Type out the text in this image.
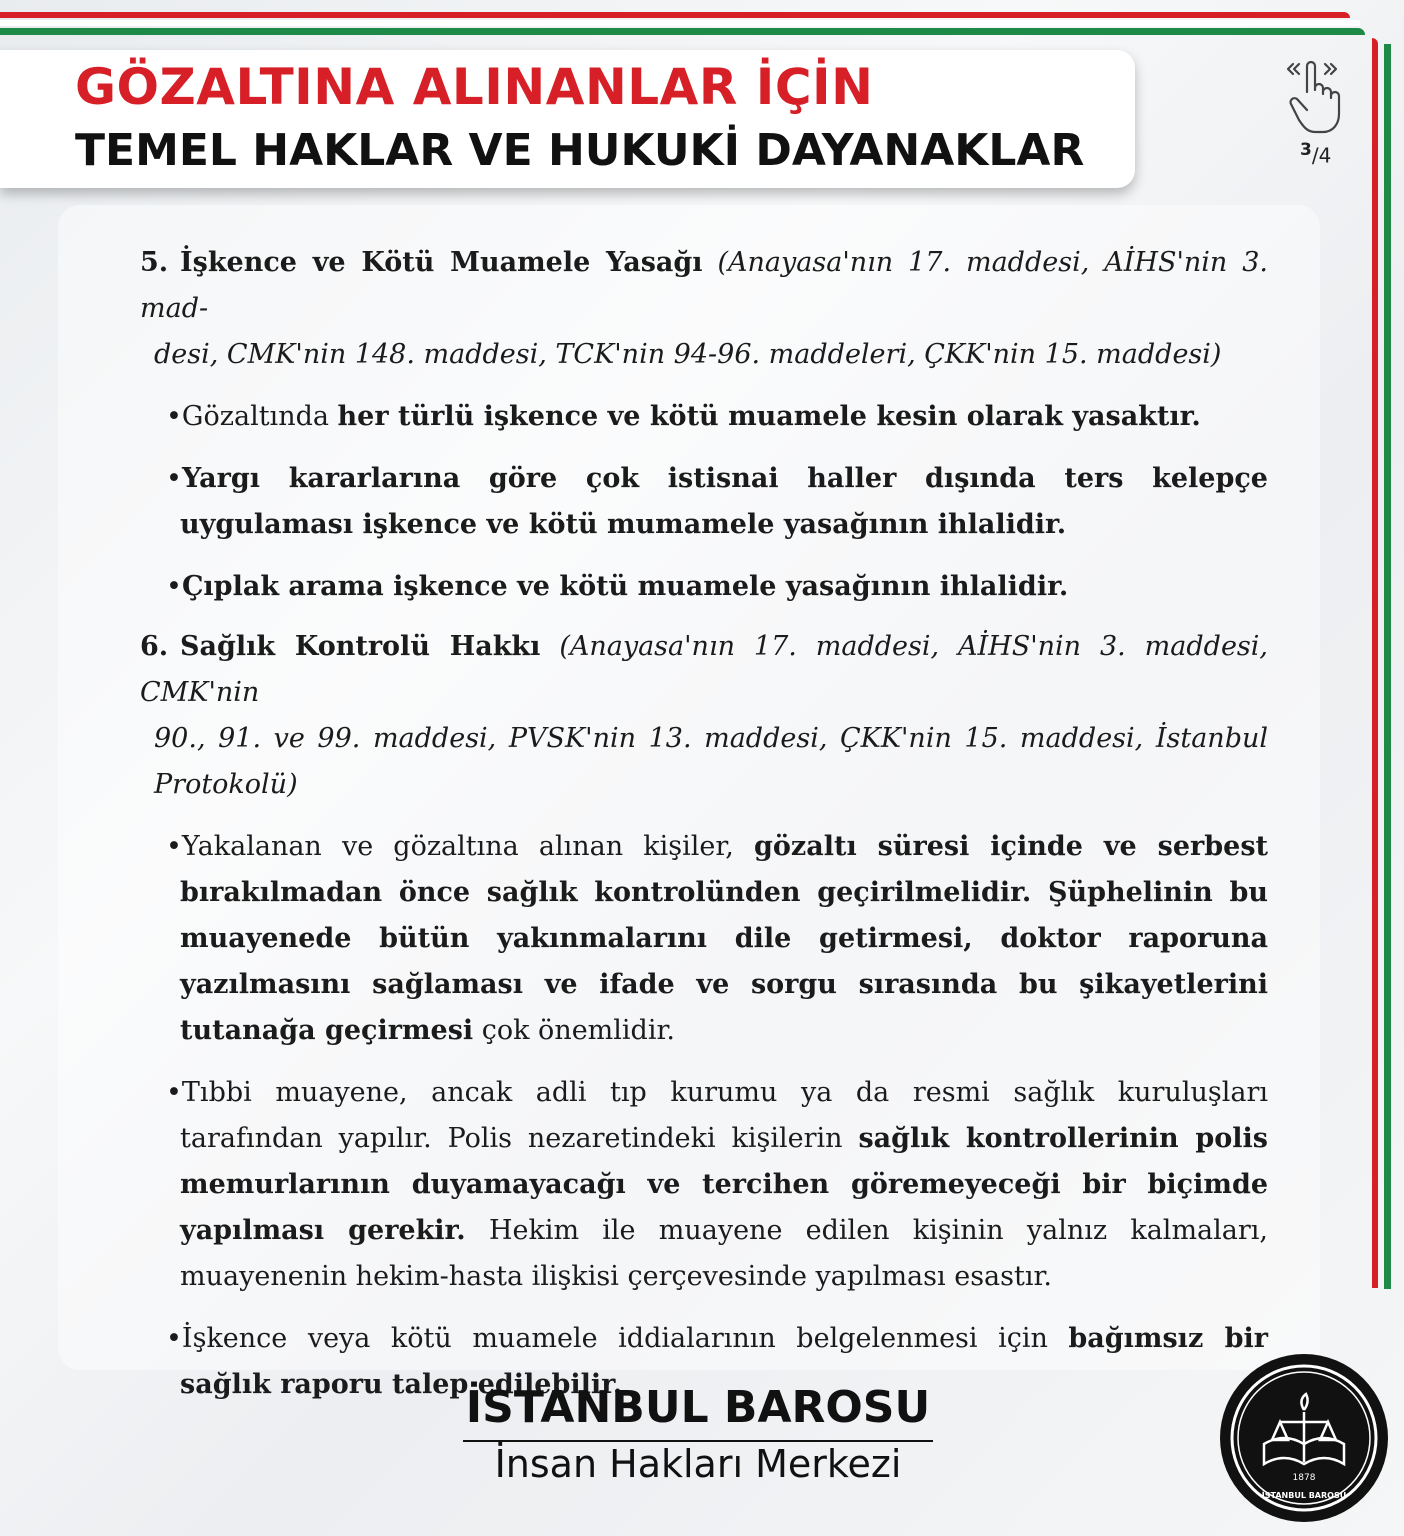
GÖZALTINA ALINANLAR İÇİN
TEMEL HAKLAR VE HUKUKİ DAYANAKLAR	$^3$/4

5. İşkence ve Kötü Muamele Yasağı (Anayasa'nın 17. maddesi, AİHS'nin 3. mad-
desi, CMK'nin 148. maddesi, TCK'nin 94-96. maddeleri, ÇKK'nin 15. maddesi)

•Gözaltında her türlü işkence ve kötü muamele kesin olarak yasaktır.

•Yargı kararlarına göre çok istisnai haller dışında ters kelepçe uygulaması işkence ve kötü mumamele yasağının ihlalidir.

•Çıplak arama işkence ve kötü muamele yasağının ihlalidir.

6. Sağlık Kontrolü Hakkı (Anayasa'nın 17. maddesi, AİHS'nin 3. maddesi, CMK'nin
90., 91. ve 99. maddesi, PVSK'nin 13. maddesi, ÇKK'nin 15. maddesi, İstanbul Protokolü)

•Yakalanan ve gözaltına alınan kişiler, gözaltı süresi içinde ve serbest bırakılmadan önce sağlık kontrolünden geçirilmelidir. Şüphelinin bu muayenede bütün yakınmalarını dile getirmesi, doktor raporuna yazılmasını sağlaması ve ifade ve sorgu sırasında bu şikayetlerini tutanağa geçirmesi çok önemlidir.

•Tıbbi muayene, ancak adli tıp kurumu ya da resmi sağlık kuruluşları tarafından yapılır. Polis nezaretindeki kişilerin sağlık kontrollerinin polis memurlarının duyamayacağı ve tercihen göremeyeceği bir biçimde yapılması gerekir. Hekim ile muayene edilen kişinin yalnız kalmaları, muayenenin hekim-hasta ilişkisi çerçevesinde yapılması esastır.

•İşkence veya kötü muamele iddialarının belgelenmesi için bağımsız bir sağlık raporu talep edilebilir.

İSTANBUL BAROSU
İnsan Hakları Merkezi	1878
İSTANBUL BAROSU
